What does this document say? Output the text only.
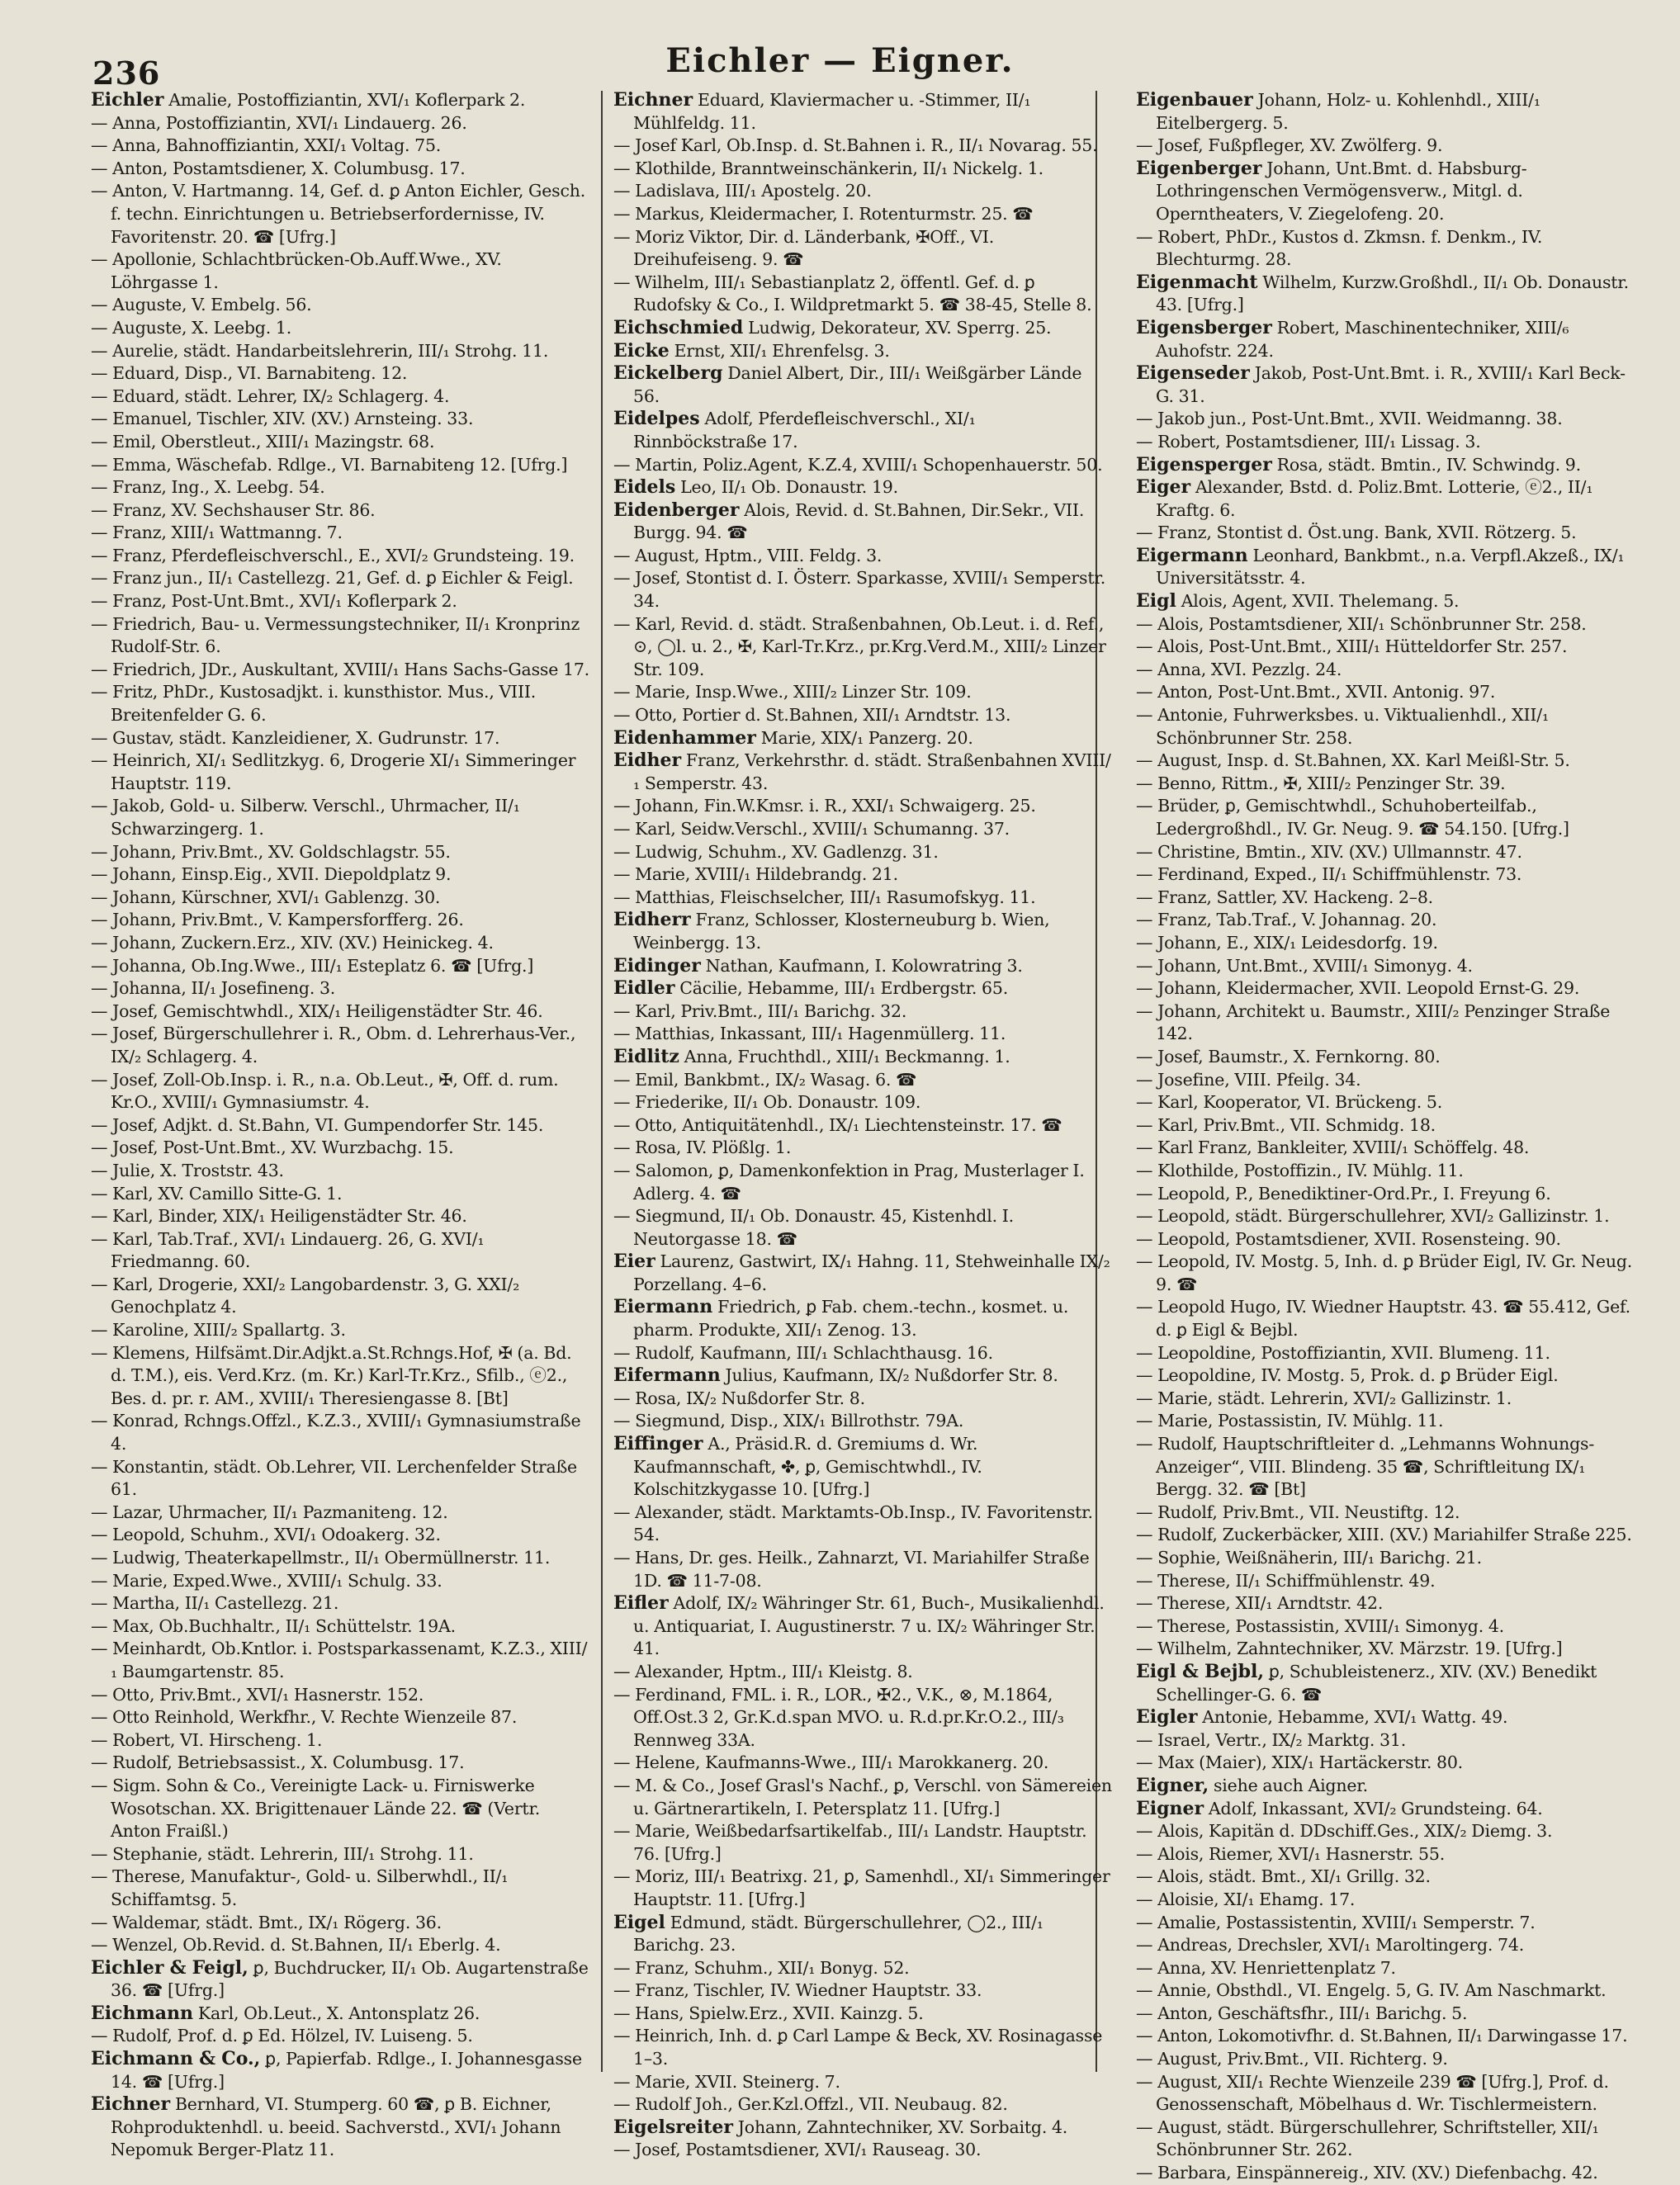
236	Eichler — Eigner.
Eichler Amalie, Postoffiziantin, XVI/₁ Koflerpark 2.
— Anna, Postoffiziantin, XVI/₁ Lindauerg. 26.
— Anna, Bahnoffiziantin, XXI/₁ Voltag. 75.
— Anton, Postamtsdiener, X. Columbusg. 17.
— Anton, V. Hartmanng. 14, Gef. d. ꝑ Anton Eichler, Gesch. f. techn. Einrichtungen u. Betriebserfordernisse, IV. Favoritenstr. 20. ☎ [Ufrg.]
— Apollonie, Schlachtbrücken-Ob.Auff.Wwe., XV. Löhrgasse 1.
— Auguste, V. Embelg. 56.
— Auguste, X. Leebg. 1.
— Aurelie, städt. Handarbeitslehrerin, III/₁ Strohg. 11.
— Eduard, Disp., VI. Barnabiteng. 12.
— Eduard, städt. Lehrer, IX/₂ Schlagerg. 4.
— Emanuel, Tischler, XIV. (XV.) Arnsteing. 33.
— Emil, Oberstleut., XIII/₁ Mazingstr. 68.
— Emma, Wäschefab. Rdlge., VI. Barnabiteng 12. [Ufrg.]
— Franz, Ing., X. Leebg. 54.
— Franz, XV. Sechshauser Str. 86.
— Franz, XIII/₁ Wattmanng. 7.
— Franz, Pferdefleischverschl., E., XVI/₂ Grundsteing. 19.
— Franz jun., II/₁ Castellezg. 21, Gef. d. ꝑ Eichler & Feigl.
— Franz, Post-Unt.Bmt., XVI/₁ Koflerpark 2.
— Friedrich, Bau- u. Vermessungstechniker, II/₁ Kronprinz Rudolf-Str. 6.
— Friedrich, JDr., Auskultant, XVIII/₁ Hans Sachs-Gasse 17.
— Fritz, PhDr., Kustosadjkt. i. kunsthistor. Mus., VIII. Breitenfelder G. 6.
— Gustav, städt. Kanzleidiener, X. Gudrunstr. 17.
— Heinrich, XI/₁ Sedlitzkyg. 6, Drogerie XI/₁ Simmeringer Hauptstr. 119.
— Jakob, Gold- u. Silberw. Verschl., Uhrmacher, II/₁ Schwarzingerg. 1.
— Johann, Priv.Bmt., XV. Goldschlagstr. 55.
— Johann, Einsp.Eig., XVII. Diepoldplatz 9.
— Johann, Kürschner, XVI/₁ Gablenzg. 30.
— Johann, Priv.Bmt., V. Kampersforfferg. 26.
— Johann, Zuckern.Erz., XIV. (XV.) Heinickeg. 4.
— Johanna, Ob.Ing.Wwe., III/₁ Esteplatz 6. ☎ [Ufrg.]
— Johanna, II/₁ Josefineng. 3.
— Josef, Gemischtwhdl., XIX/₁ Heiligenstädter Str. 46.
— Josef, Bürgerschullehrer i. R., Obm. d. Lehrerhaus-Ver., IX/₂ Schlagerg. 4.
— Josef, Zoll-Ob.Insp. i. R., n.a. Ob.Leut., ✠, Off. d. rum. Kr.O., XVIII/₁ Gymnasiumstr. 4.
— Josef, Adjkt. d. St.Bahn, VI. Gumpendorfer Str. 145.
— Josef, Post-Unt.Bmt., XV. Wurzbachg. 15.
— Julie, X. Troststr. 43.
— Karl, XV. Camillo Sitte-G. 1.
— Karl, Binder, XIX/₁ Heiligenstädter Str. 46.
— Karl, Tab.Traf., XVI/₁ Lindauerg. 26, G. XVI/₁ Friedmanng. 60.
— Karl, Drogerie, XXI/₂ Langobardenstr. 3, G. XXI/₂ Genochplatz 4.
— Karoline, XIII/₂ Spallartg. 3.
— Klemens, Hilfsämt.Dir.Adjkt.a.St.Rchngs.Hof, ✠ (a. Bd. d. T.M.), eis. Verd.Krz. (m. Kr.) Karl-Tr.Krz., Sfilb., ⓔ2., Bes. d. pr. r. AM., XVIII/₁ Theresiengasse 8. [Bt]
— Konrad, Rchngs.Offzl., K.Z.3., XVIII/₁ Gymnasiumstraße 4.
— Konstantin, städt. Ob.Lehrer, VII. Lerchenfelder Straße 61.
— Lazar, Uhrmacher, II/₁ Pazmaniteng. 12.
— Leopold, Schuhm., XVI/₁ Odoakerg. 32.
— Ludwig, Theaterkapellmstr., II/₁ Obermüllnerstr. 11.
— Marie, Exped.Wwe., XVIII/₁ Schulg. 33.
— Martha, II/₁ Castellezg. 21.
— Max, Ob.Buchhaltr., II/₁ Schüttelstr. 19A.
— Meinhardt, Ob.Kntlor. i. Postsparkassenamt, K.Z.3., XIII/₁ Baumgartenstr. 85.
— Otto, Priv.Bmt., XVI/₁ Hasnerstr. 152.
— Otto Reinhold, Werkfhr., V. Rechte Wienzeile 87.
— Robert, VI. Hirscheng. 1.
— Rudolf, Betriebsassist., X. Columbusg. 17.
— Sigm. Sohn & Co., Vereinigte Lack- u. Firniswerke Wosotschan. XX. Brigittenauer Lände 22. ☎ (Vertr. Anton Fraißl.)
— Stephanie, städt. Lehrerin, III/₁ Strohg. 11.
— Therese, Manufaktur-, Gold- u. Silberwhdl., II/₁ Schiffamtsg. 5.
— Waldemar, städt. Bmt., IX/₁ Rögerg. 36.
— Wenzel, Ob.Revid. d. St.Bahnen, II/₁ Eberlg. 4.
Eichler & Feigl, ꝑ, Buchdrucker, II/₁ Ob. Augartenstraße 36. ☎ [Ufrg.]
Eichmann Karl, Ob.Leut., X. Antonsplatz 26.
— Rudolf, Prof. d. ꝑ Ed. Hölzel, IV. Luiseng. 5.
Eichmann & Co., ꝑ, Papierfab. Rdlge., I. Johannesgasse 14. ☎ [Ufrg.]
Eichner Bernhard, VI. Stumperg. 60 ☎, ꝑ B. Eichner, Rohproduktenhdl. u. beeid. Sachverstd., XVI/₁ Johann Nepomuk Berger-Platz 11.
Eichner Eduard, Klaviermacher u. -Stimmer, II/₁ Mühlfeldg. 11.
— Josef Karl, Ob.Insp. d. St.Bahnen i. R., II/₁ Novarag. 55.
— Klothilde, Branntweinschänkerin, II/₁ Nickelg. 1.
— Ladislava, III/₁ Apostelg. 20.
— Markus, Kleidermacher, I. Rotenturmstr. 25. ☎
— Moriz Viktor, Dir. d. Länderbank, ✠Off., VI. Dreihufeiseng. 9. ☎
— Wilhelm, III/₁ Sebastianplatz 2, öffentl. Gef. d. ꝑ Rudofsky & Co., I. Wildpretmarkt 5. ☎ 38-45, Stelle 8.
Eichschmied Ludwig, Dekorateur, XV. Sperrg. 25.
Eicke Ernst, XII/₁ Ehrenfelsg. 3.
Eickelberg Daniel Albert, Dir., III/₁ Weißgärber Lände 56.
Eidelpes Adolf, Pferdefleischverschl., XI/₁ Rinnböckstraße 17.
— Martin, Poliz.Agent, K.Z.4, XVIII/₁ Schopenhauerstr. 50.
Eidels Leo, II/₁ Ob. Donaustr. 19.
Eidenberger Alois, Revid. d. St.Bahnen, Dir.Sekr., VII. Burgg. 94. ☎
— August, Hptm., VIII. Feldg. 3.
— Josef, Stontist d. I. Österr. Sparkasse, XVIII/₁ Semperstr. 34.
— Karl, Revid. d. städt. Straßenbahnen, Ob.Leut. i. d. Ref., ⊙, ◯l. u. 2., ✠, Karl-Tr.Krz., pr.Krg.Verd.M., XIII/₂ Linzer Str. 109.
— Marie, Insp.Wwe., XIII/₂ Linzer Str. 109.
— Otto, Portier d. St.Bahnen, XII/₁ Arndtstr. 13.
Eidenhammer Marie, XIX/₁ Panzerg. 20.
Eidher Franz, Verkehrsthr. d. städt. Straßenbahnen XVIII/₁ Semperstr. 43.
— Johann, Fin.W.Kmsr. i. R., XXI/₁ Schwaigerg. 25.
— Karl, Seidw.Verschl., XVIII/₁ Schumanng. 37.
— Ludwig, Schuhm., XV. Gadlenzg. 31.
— Marie, XVIII/₁ Hildebrandg. 21.
— Matthias, Fleischselcher, III/₁ Rasumofskyg. 11.
Eidherr Franz, Schlosser, Klosterneuburg b. Wien, Weinbergg. 13.
Eidinger Nathan, Kaufmann, I. Kolowratring 3.
Eidler Cäcilie, Hebamme, III/₁ Erdbergstr. 65.
— Karl, Priv.Bmt., III/₁ Barichg. 32.
— Matthias, Inkassant, III/₁ Hagenmüllerg. 11.
Eidlitz Anna, Fruchthdl., XIII/₁ Beckmanng. 1.
— Emil, Bankbmt., IX/₂ Wasag. 6. ☎
— Friederike, II/₁ Ob. Donaustr. 109.
— Otto, Antiquitätenhdl., IX/₁ Liechtensteinstr. 17. ☎
— Rosa, IV. Plößlg. 1.
— Salomon, ꝑ, Damenkonfektion in Prag, Musterlager I. Adlerg. 4. ☎
— Siegmund, II/₁ Ob. Donaustr. 45, Kistenhdl. I. Neutorgasse 18. ☎
Eier Laurenz, Gastwirt, IX/₁ Hahng. 11, Stehweinhalle IX/₂ Porzellang. 4–6.
Eiermann Friedrich, ꝑ Fab. chem.-techn., kosmet. u. pharm. Produkte, XII/₁ Zenog. 13.
— Rudolf, Kaufmann, III/₁ Schlachthausg. 16.
Eifermann Julius, Kaufmann, IX/₂ Nußdorfer Str. 8.
— Rosa, IX/₂ Nußdorfer Str. 8.
— Siegmund, Disp., XIX/₁ Billrothstr. 79A.
Eiffinger A., Präsid.R. d. Gremiums d. Wr. Kaufmannschaft, ✤, ꝑ, Gemischtwhdl., IV. Kolschitzkygasse 10. [Ufrg.]
— Alexander, städt. Marktamts-Ob.Insp., IV. Favoritenstr. 54.
— Hans, Dr. ges. Heilk., Zahnarzt, VI. Mariahilfer Straße 1D. ☎ 11-7-08.
Eifler Adolf, IX/₂ Währinger Str. 61, Buch-, Musikalienhdl. u. Antiquariat, I. Augustinerstr. 7 u. IX/₂ Währinger Str. 41.
— Alexander, Hptm., III/₁ Kleistg. 8.
— Ferdinand, FML. i. R., LOR., ✠2., V.K., ⊗, M.1864, Off.Ost.3 2, Gr.K.d.span MVO. u. R.d.pr.Kr.O.2., III/₃ Rennweg 33A.
— Helene, Kaufmanns-Wwe., III/₁ Marokkanerg. 20.
— M. & Co., Josef Grasl's Nachf., ꝑ, Verschl. von Sämereien u. Gärtnerartikeln, I. Petersplatz 11. [Ufrg.]
— Marie, Weißbedarfsartikelfab., III/₁ Landstr. Hauptstr. 76. [Ufrg.]
— Moriz, III/₁ Beatrixg. 21, ꝑ, Samenhdl., XI/₁ Simmeringer Hauptstr. 11. [Ufrg.]
Eigel Edmund, städt. Bürgerschullehrer, ◯2., III/₁ Barichg. 23.
— Franz, Schuhm., XII/₁ Bonyg. 52.
— Franz, Tischler, IV. Wiedner Hauptstr. 33.
— Hans, Spielw.Erz., XVII. Kainzg. 5.
— Heinrich, Inh. d. ꝑ Carl Lampe & Beck, XV. Rosinagasse 1–3.
— Marie, XVII. Steinerg. 7.
— Rudolf Joh., Ger.Kzl.Offzl., VII. Neubaug. 82.
Eigelsreiter Johann, Zahntechniker, XV. Sorbaitg. 4.
— Josef, Postamtsdiener, XVI/₁ Rauseag. 30.
Eigenbauer Johann, Holz- u. Kohlenhdl., XIII/₁ Eitelbergerg. 5.
— Josef, Fußpfleger, XV. Zwölferg. 9.
Eigenberger Johann, Unt.Bmt. d. Habsburg-Lothringenschen Vermögensverw., Mitgl. d. Operntheaters, V. Ziegelofeng. 20.
— Robert, PhDr., Kustos d. Zkmsn. f. Denkm., IV. Blechturmg. 28.
Eigenmacht Wilhelm, Kurzw.Großhdl., II/₁ Ob. Donaustr. 43. [Ufrg.]
Eigensberger Robert, Maschinentechniker, XIII/₆ Auhofstr. 224.
Eigenseder Jakob, Post-Unt.Bmt. i. R., XVIII/₁ Karl Beck-G. 31.
— Jakob jun., Post-Unt.Bmt., XVII. Weidmanng. 38.
— Robert, Postamtsdiener, III/₁ Lissag. 3.
Eigensperger Rosa, städt. Bmtin., IV. Schwindg. 9.
Eiger Alexander, Bstd. d. Poliz.Bmt. Lotterie, ⓔ2., II/₁ Kraftg. 6.
— Franz, Stontist d. Öst.ung. Bank, XVII. Rötzerg. 5.
Eigermann Leonhard, Bankbmt., n.a. Verpfl.Akzeß., IX/₁ Universitätsstr. 4.
Eigl Alois, Agent, XVII. Thelemang. 5.
— Alois, Postamtsdiener, XII/₁ Schönbrunner Str. 258.
— Alois, Post-Unt.Bmt., XIII/₁ Hütteldorfer Str. 257.
— Anna, XVI. Pezzlg. 24.
— Anton, Post-Unt.Bmt., XVII. Antonig. 97.
— Antonie, Fuhrwerksbes. u. Viktualienhdl., XII/₁ Schönbrunner Str. 258.
— August, Insp. d. St.Bahnen, XX. Karl Meißl-Str. 5.
— Benno, Rittm., ✠, XIII/₂ Penzinger Str. 39.
— Brüder, ꝑ, Gemischtwhdl., Schuhoberteilfab., Ledergroßhdl., IV. Gr. Neug. 9. ☎ 54.150. [Ufrg.]
— Christine, Bmtin., XIV. (XV.) Ullmannstr. 47.
— Ferdinand, Exped., II/₁ Schiffmühlenstr. 73.
— Franz, Sattler, XV. Hackeng. 2–8.
— Franz, Tab.Traf., V. Johannag. 20.
— Johann, E., XIX/₁ Leidesdorfg. 19.
— Johann, Unt.Bmt., XVIII/₁ Simonyg. 4.
— Johann, Kleidermacher, XVII. Leopold Ernst-G. 29.
— Johann, Architekt u. Baumstr., XIII/₂ Penzinger Straße 142.
— Josef, Baumstr., X. Fernkorng. 80.
— Josefine, VIII. Pfeilg. 34.
— Karl, Kooperator, VI. Brückeng. 5.
— Karl, Priv.Bmt., VII. Schmidg. 18.
— Karl Franz, Bankleiter, XVIII/₁ Schöffelg. 48.
— Klothilde, Postoffizin., IV. Mühlg. 11.
— Leopold, P., Benediktiner-Ord.Pr., I. Freyung 6.
— Leopold, städt. Bürgerschullehrer, XVI/₂ Gallizinstr. 1.
— Leopold, Postamtsdiener, XVII. Rosensteing. 90.
— Leopold, IV. Mostg. 5, Inh. d. ꝑ Brüder Eigl, IV. Gr. Neug. 9. ☎
— Leopold Hugo, IV. Wiedner Hauptstr. 43. ☎ 55.412, Gef. d. ꝑ Eigl & Bejbl.
— Leopoldine, Postoffiziantin, XVII. Blumeng. 11.
— Leopoldine, IV. Mostg. 5, Prok. d. ꝑ Brüder Eigl.
— Marie, städt. Lehrerin, XVI/₂ Gallizinstr. 1.
— Marie, Postassistin, IV. Mühlg. 11.
— Rudolf, Hauptschriftleiter d. „Lehmanns Wohnungs-Anzeiger“, VIII. Blindeng. 35 ☎, Schriftleitung IX/₁ Bergg. 32. ☎ [Bt]
— Rudolf, Priv.Bmt., VII. Neustiftg. 12.
— Rudolf, Zuckerbäcker, XIII. (XV.) Mariahilfer Straße 225.
— Sophie, Weißnäherin, III/₁ Barichg. 21.
— Therese, II/₁ Schiffmühlenstr. 49.
— Therese, XII/₁ Arndtstr. 42.
— Therese, Postassistin, XVIII/₁ Simonyg. 4.
— Wilhelm, Zahntechniker, XV. Märzstr. 19. [Ufrg.]
Eigl & Bejbl, ꝑ, Schubleistenerz., XIV. (XV.) Benedikt Schellinger-G. 6. ☎
Eigler Antonie, Hebamme, XVI/₁ Wattg. 49.
— Israel, Vertr., IX/₂ Marktg. 31.
— Max (Maier), XIX/₁ Hartäckerstr. 80.
Eigner, siehe auch Aigner.
Eigner Adolf, Inkassant, XVI/₂ Grundsteing. 64.
— Alois, Kapitän d. DDschiff.Ges., XIX/₂ Diemg. 3.
— Alois, Riemer, XVI/₁ Hasnerstr. 55.
— Alois, städt. Bmt., XI/₁ Grillg. 32.
— Aloisie, XI/₁ Ehamg. 17.
— Amalie, Postassistentin, XVIII/₁ Semperstr. 7.
— Andreas, Drechsler, XVI/₁ Maroltingerg. 74.
— Anna, XV. Henriettenplatz 7.
— Annie, Obsthdl., VI. Engelg. 5, G. IV. Am Naschmarkt.
— Anton, Geschäftsfhr., III/₁ Barichg. 5.
— Anton, Lokomotivfhr. d. St.Bahnen, II/₁ Darwingasse 17.
— August, Priv.Bmt., VII. Richterg. 9.
— August, XII/₁ Rechte Wienzeile 239 ☎ [Ufrg.], Prof. d. Genossenschaft, Möbelhaus d. Wr. Tischlermeistern.
— August, städt. Bürgerschullehrer, Schriftsteller, XII/₁ Schönbrunner Str. 262.
— Barbara, Einspännereig., XIV. (XV.) Diefenbachg. 42.
